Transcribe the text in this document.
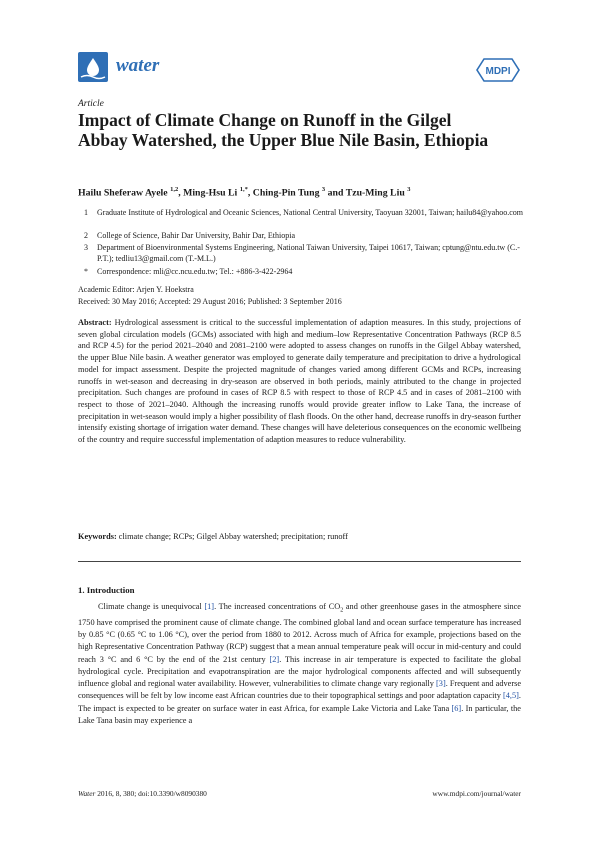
water	MDPI
Article
Impact of Climate Change on Runoff in the Gilgel Abbay Watershed, the Upper Blue Nile Basin, Ethiopia
Hailu Sheferaw Ayele $^{1,2}$, Ming-Hsu Li $^{1,*}$, Ching-Pin Tung $^3$ and Tzu-Ming Liu $^3$
1 Graduate Institute of Hydrological and Oceanic Sciences, National Central University, Taoyuan 32001, Taiwan; hailu84@yahoo.com
2 College of Science, Bahir Dar University, Bahir Dar, Ethiopia
3 Department of Bioenvironmental Systems Engineering, National Taiwan University, Taipei 10617, Taiwan; cptung@ntu.edu.tw (C.-P.T.); tedliu13@gmail.com (T.-M.L.)
* Correspondence: mli@cc.ncu.edu.tw; Tel.: +886-3-422-2964
Academic Editor: Arjen Y. Hoekstra
Received: 30 May 2016; Accepted: 29 August 2016; Published: 3 September 2016
Abstract: Hydrological assessment is critical to the successful implementation of adaption measures. In this study, projections of seven global circulation models (GCMs) associated with high and medium–low Representative Concentration Pathways (RCP 8.5 and RCP 4.5) for the period 2021–2040 and 2081–2100 were adopted to assess changes on runoffs in the Gilgel Abbay watershed, the upper Blue Nile basin. A weather generator was employed to generate daily temperature and precipitation to drive a hydrological model for impact assessment. Despite the projected magnitude of changes varied among different GCMs and RCPs, increasing runoffs in wet-season and decreasing in dry-season are observed in both periods, mainly attributed to the change in projected precipitation. Such changes are profound in cases of RCP 8.5 with respect to those of RCP 4.5 and in cases of 2081–2100 with respect to those of 2021–2040. Although the increasing runoffs would provide greater inflow to Lake Tana, the increase of precipitation in wet-season would imply a higher possibility of flash floods. On the other hand, decrease runoffs in dry-season further intensify existing shortage of irrigation water demand. These changes will have deleterious consequences on the economic wellbeing of the country and require successful implementation of adaption measures to reduce vulnerability.
Keywords: climate change; RCPs; Gilgel Abbay watershed; precipitation; runoff
1. Introduction
Climate change is unequivocal [1]. The increased concentrations of $CO_2$ and other greenhouse gases in the atmosphere since 1750 have comprised the prominent cause of climate change. The combined global land and ocean surface temperature has increased by 0.85 °C (0.65 °C to 1.06 °C), over the period from 1880 to 2012. Across much of Africa for example, projections based on the high Representative Concentration Pathway (RCP) suggest that a mean annual temperature peak will occur in mid-century and could reach 3 °C and 6 °C by the end of the 21st century [2]. This increase in air temperature is expected to facilitate the global hydrological cycle. Precipitation and evapotranspiration are the major hydrological components affected and will subsequently influence global and regional water availability. However, vulnerabilities to climate change vary regionally [3]. Frequent and adverse consequences will be felt by low income east African countries due to their topographical settings and poor adaptation capacity [4,5]. The impact is expected to be greater on surface water in east Africa, for example Lake Victoria and Lake Tana [6]. In particular, the Lake Tana basin may experience a
Water 2016, 8, 380; doi:10.3390/w8090380	www.mdpi.com/journal/water
